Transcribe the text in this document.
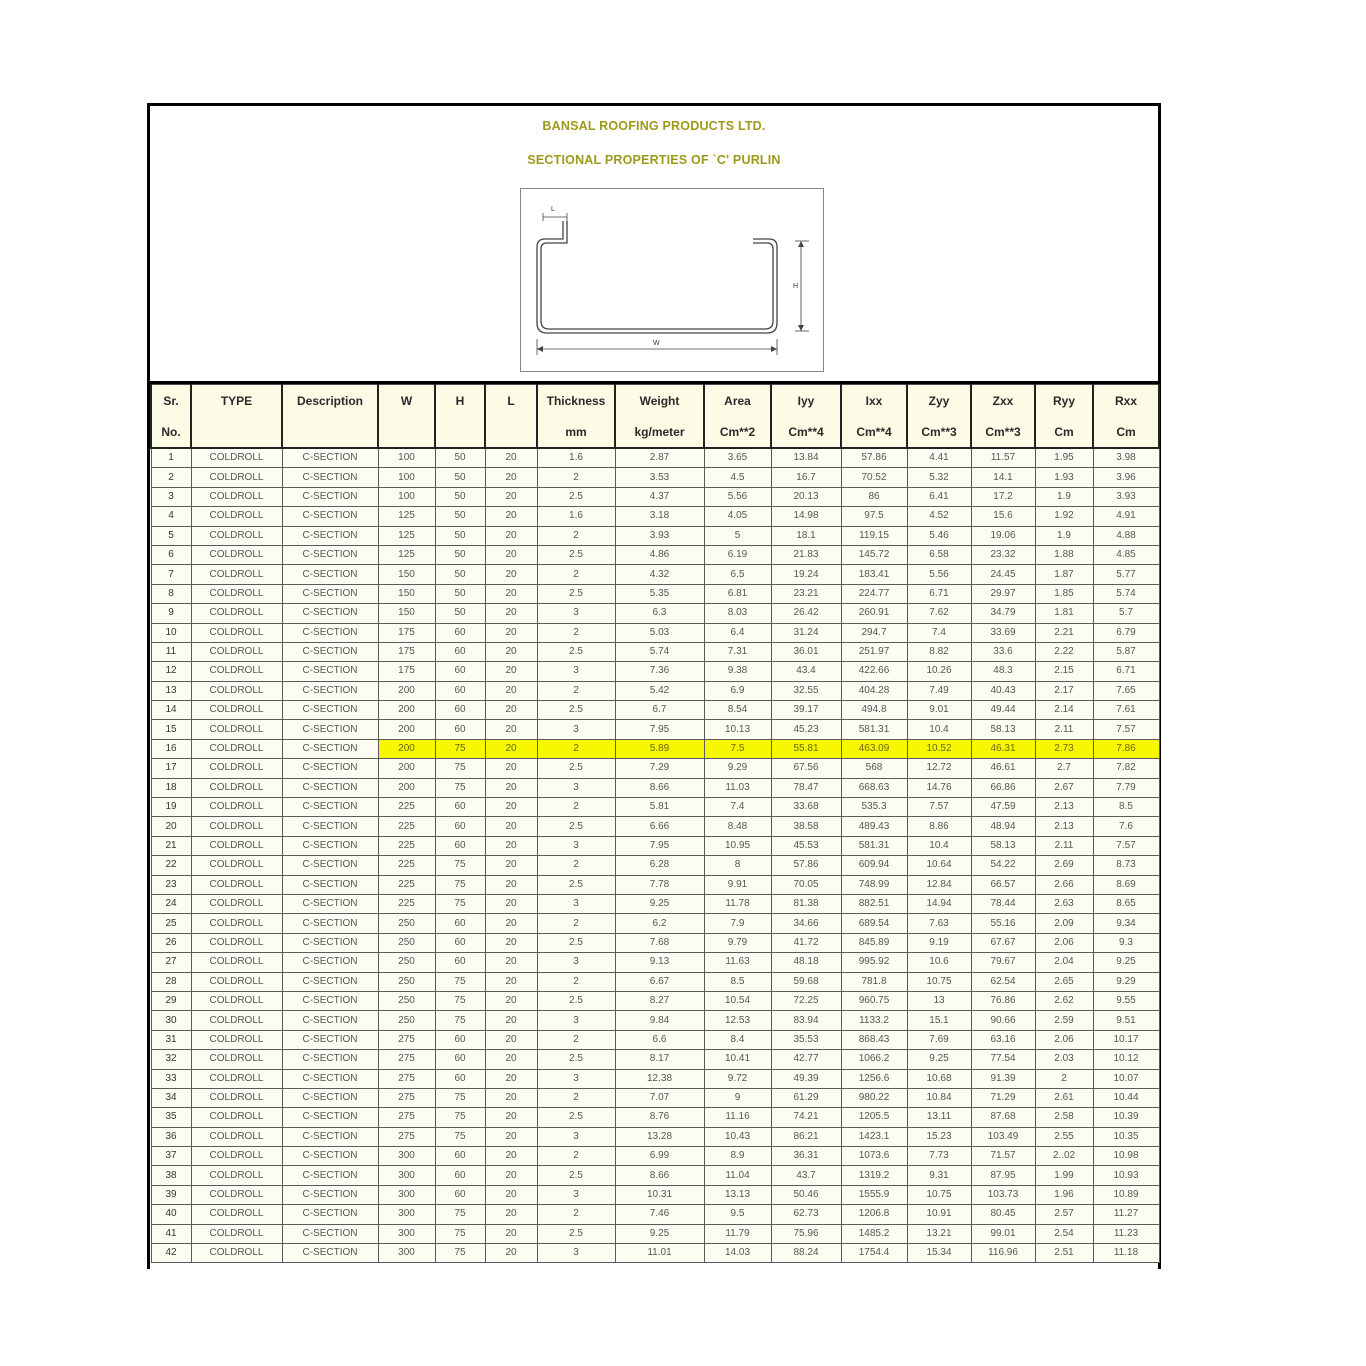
BANSAL ROOFING PRODUCTS LTD.
SECTIONAL PROPERTIES OF `C' PURLIN
L
H
W
Sr.	TYPE	Description	W	H	L	Thickness	Weight	Area	Iyy	Ixx	Zyy	Zxx	Ryy	Rxx
No.						mm	kg/meter	Cm**2	Cm**4	Cm**4	Cm**3	Cm**3	Cm	Cm
1	COLDROLL	C-SECTION	100	50	20	1.6	2.87	3.65	13.84	57.86	4.41	11.57	1.95	3.98
2	COLDROLL	C-SECTION	100	50	20	2	3.53	4.5	16.7	70.52	5.32	14.1	1.93	3.96
3	COLDROLL	C-SECTION	100	50	20	2.5	4.37	5.56	20.13	86	6.41	17.2	1.9	3.93
4	COLDROLL	C-SECTION	125	50	20	1.6	3.18	4.05	14.98	97.5	4.52	15.6	1.92	4.91
5	COLDROLL	C-SECTION	125	50	20	2	3.93	5	18.1	119.15	5.46	19.06	1.9	4.88
6	COLDROLL	C-SECTION	125	50	20	2.5	4.86	6.19	21.83	145.72	6.58	23.32	1.88	4.85
7	COLDROLL	C-SECTION	150	50	20	2	4.32	6.5	19.24	183.41	5.56	24.45	1.87	5.77
8	COLDROLL	C-SECTION	150	50	20	2.5	5.35	6.81	23.21	224.77	6.71	29.97	1.85	5.74
9	COLDROLL	C-SECTION	150	50	20	3	6.3	8.03	26.42	260.91	7.62	34.79	1.81	5.7
10	COLDROLL	C-SECTION	175	60	20	2	5.03	6.4	31.24	294.7	7.4	33.69	2.21	6.79
11	COLDROLL	C-SECTION	175	60	20	2.5	5.74	7.31	36.01	251.97	8.82	33.6	2.22	5.87
12	COLDROLL	C-SECTION	175	60	20	3	7.36	9.38	43.4	422.66	10.26	48.3	2.15	6.71
13	COLDROLL	C-SECTION	200	60	20	2	5.42	6.9	32.55	404.28	7.49	40.43	2.17	7.65
14	COLDROLL	C-SECTION	200	60	20	2.5	6.7	8.54	39.17	494.8	9.01	49.44	2.14	7.61
15	COLDROLL	C-SECTION	200	60	20	3	7.95	10.13	45.23	581.31	10.4	58.13	2.11	7.57
16	COLDROLL	C-SECTION	200	75	20	2	5.89	7.5	55.81	463.09	10.52	46.31	2.73	7.86
17	COLDROLL	C-SECTION	200	75	20	2.5	7.29	9.29	67.56	568	12.72	46.61	2.7	7.82
18	COLDROLL	C-SECTION	200	75	20	3	8.66	11.03	78.47	668.63	14.76	66.86	2.67	7.79
19	COLDROLL	C-SECTION	225	60	20	2	5.81	7.4	33.68	535.3	7.57	47.59	2.13	8.5
20	COLDROLL	C-SECTION	225	60	20	2.5	6.66	8.48	38.58	489.43	8.86	48.94	2.13	7.6
21	COLDROLL	C-SECTION	225	60	20	3	7.95	10.95	45.53	581.31	10.4	58.13	2.11	7.57
22	COLDROLL	C-SECTION	225	75	20	2	6.28	8	57.86	609.94	10.64	54.22	2.69	8.73
23	COLDROLL	C-SECTION	225	75	20	2.5	7.78	9.91	70.05	748.99	12.84	66.57	2.66	8.69
24	COLDROLL	C-SECTION	225	75	20	3	9.25	11.78	81.38	882.51	14.94	78.44	2.63	8.65
25	COLDROLL	C-SECTION	250	60	20	2	6.2	7.9	34.66	689.54	7.63	55.16	2.09	9.34
26	COLDROLL	C-SECTION	250	60	20	2.5	7.68	9.79	41.72	845.89	9.19	67.67	2.06	9.3
27	COLDROLL	C-SECTION	250	60	20	3	9.13	11.63	48.18	995.92	10.6	79.67	2.04	9.25
28	COLDROLL	C-SECTION	250	75	20	2	6.67	8.5	59.68	781.8	10.75	62.54	2.65	9.29
29	COLDROLL	C-SECTION	250	75	20	2.5	8.27	10.54	72.25	960.75	13	76.86	2.62	9.55
30	COLDROLL	C-SECTION	250	75	20	3	9.84	12.53	83.94	1133.2	15.1	90.66	2.59	9.51
31	COLDROLL	C-SECTION	275	60	20	2	6.6	8.4	35.53	868.43	7.69	63.16	2.06	10.17
32	COLDROLL	C-SECTION	275	60	20	2.5	8.17	10.41	42.77	1066.2	9.25	77.54	2.03	10.12
33	COLDROLL	C-SECTION	275	60	20	3	12.38	9.72	49.39	1256.6	10.68	91.39	2	10.07
34	COLDROLL	C-SECTION	275	75	20	2	7.07	9	61.29	980.22	10.84	71.29	2.61	10.44
35	COLDROLL	C-SECTION	275	75	20	2.5	8.76	11.16	74.21	1205.5	13.11	87.68	2.58	10.39
36	COLDROLL	C-SECTION	275	75	20	3	13.28	10.43	86.21	1423.1	15.23	103.49	2.55	10.35
37	COLDROLL	C-SECTION	300	60	20	2	6.99	8.9	36.31	1073.6	7.73	71.57	2..02	10.98
38	COLDROLL	C-SECTION	300	60	20	2.5	8.66	11.04	43.7	1319.2	9.31	87.95	1.99	10.93
39	COLDROLL	C-SECTION	300	60	20	3	10.31	13.13	50.46	1555.9	10.75	103.73	1.96	10.89
40	COLDROLL	C-SECTION	300	75	20	2	7.46	9.5	62.73	1206.8	10.91	80.45	2.57	11.27
41	COLDROLL	C-SECTION	300	75	20	2.5	9.25	11.79	75.96	1485.2	13.21	99.01	2.54	11.23
42	COLDROLL	C-SECTION	300	75	20	3	11.01	14.03	88.24	1754.4	15.34	116.96	2.51	11.18
